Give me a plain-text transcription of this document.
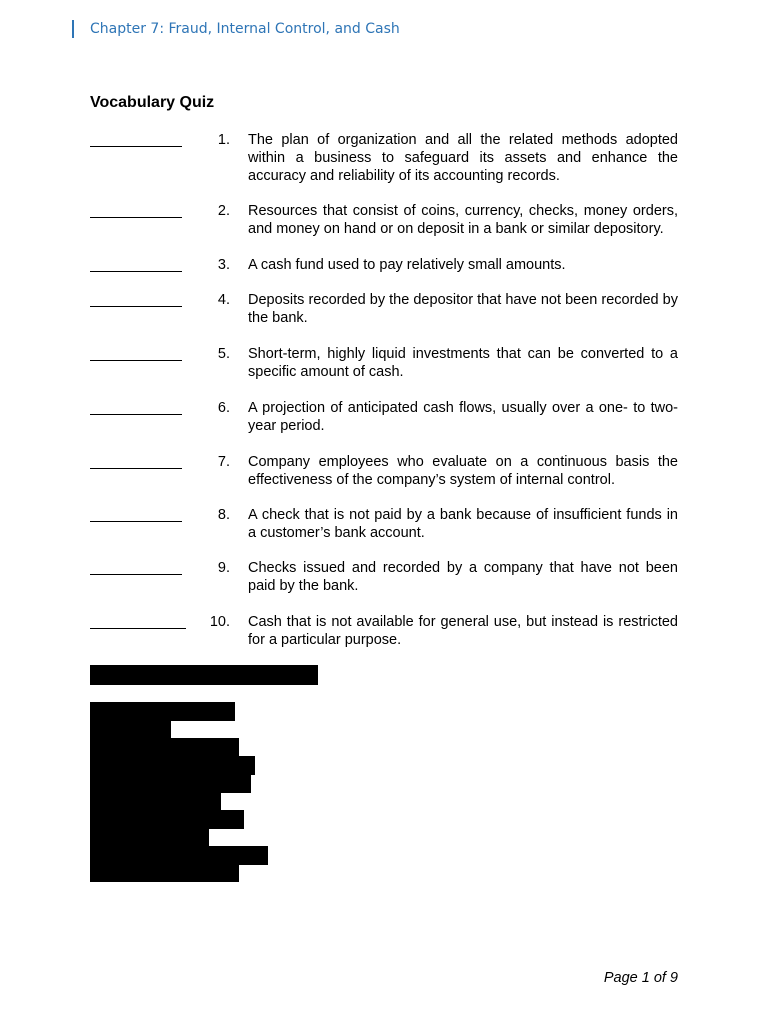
Chapter 7: Fraud, Internal Control, and Cash
Vocabulary Quiz
1. The plan of organization and all the related methods adopted within a business to safeguard its assets and enhance the accuracy and reliability of its accounting records.
2. Resources that consist of coins, currency, checks, money orders, and money on hand or on deposit in a bank or similar depository.
3. A cash fund used to pay relatively small amounts.
4. Deposits recorded by the depositor that have not been recorded by the bank.
5. Short-term, highly liquid investments that can be converted to a specific amount of cash.
6. A projection of anticipated cash flows, usually over a one- to two-year period.
7. Company employees who evaluate on a continuous basis the effectiveness of the company’s system of internal control.
8. A check that is not paid by a bank because of insufficient funds in a customer’s bank account.
9. Checks issued and recorded by a company that have not been paid by the bank.
10. Cash that is not available for general use, but instead is restricted for a particular purpose.
Page 1 of 9
